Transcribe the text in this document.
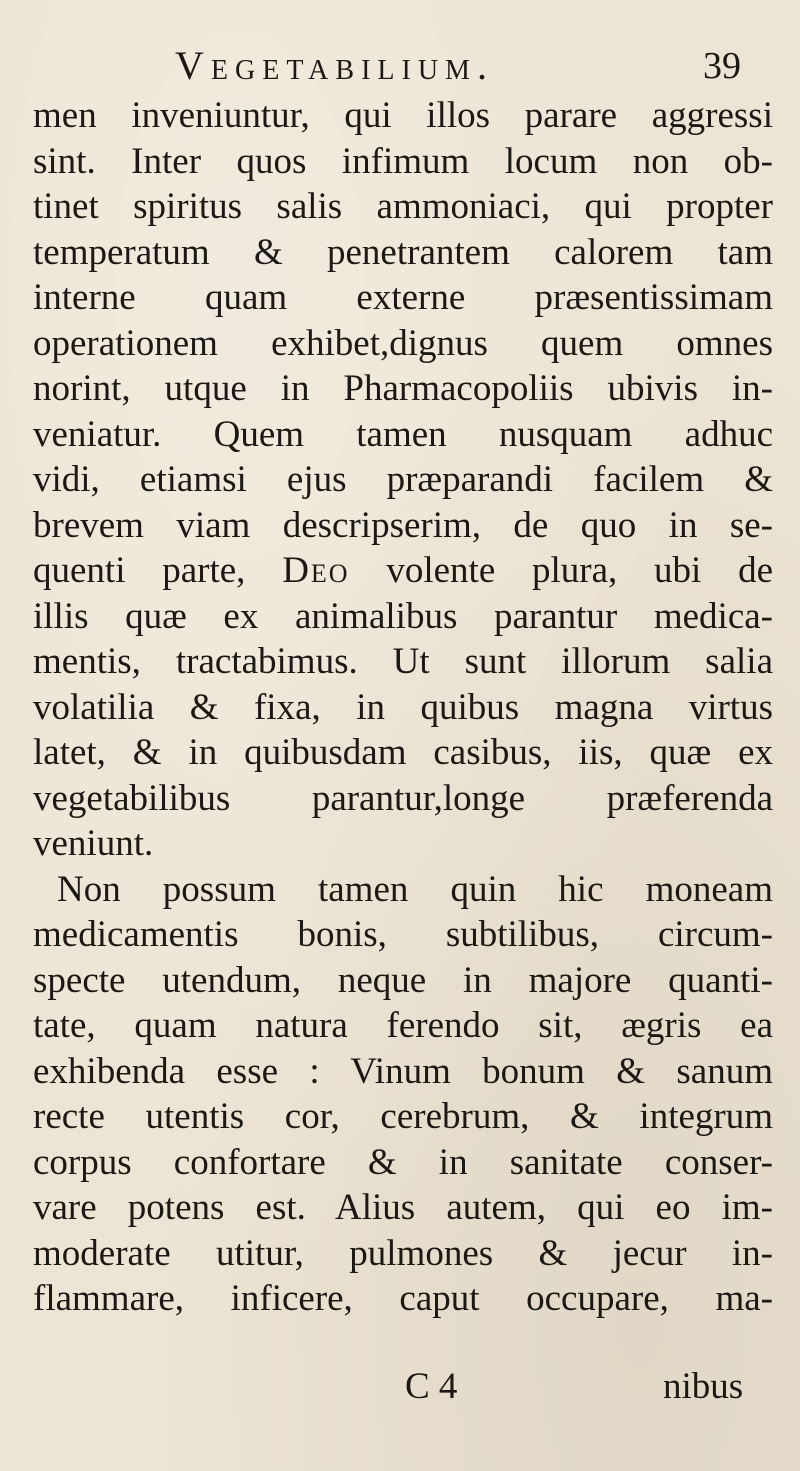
Vegetabilium.	39
men inveniuntur, qui illos parare aggressi
sint. Inter quos infimum locum non ob-
tinet spiritus salis ammoniaci, qui propter
temperatum & penetrantem calorem tam
interne quam externe præsentissimam
operationem exhibet,dignus quem omnes
norint, utque in Pharmacopoliis ubivis in-
veniatur. Quem tamen nusquam adhuc
vidi, etiamsi ejus præparandi facilem &
brevem viam descripserim, de quo in se-
quenti parte, Deo volente plura, ubi de
illis quæ ex animalibus parantur medica-
mentis, tractabimus. Ut sunt illorum salia
volatilia & fixa, in quibus magna virtus
latet, & in quibusdam casibus, iis, quæ ex
vegetabilibus parantur,longe præferenda
veniunt.
Non possum tamen quin hic moneam
medicamentis bonis, subtilibus, circum-
specte utendum, neque in majore quanti-
tate, quam natura ferendo sit, ægris ea
exhibenda esse : Vinum bonum & sanum
recte utentis cor, cerebrum, & integrum
corpus confortare & in sanitate conser-
vare potens est. Alius autem, qui eo im-
moderate utitur, pulmones & jecur in-
flammare, inficere, caput occupare, ma-
C 4	nibus
